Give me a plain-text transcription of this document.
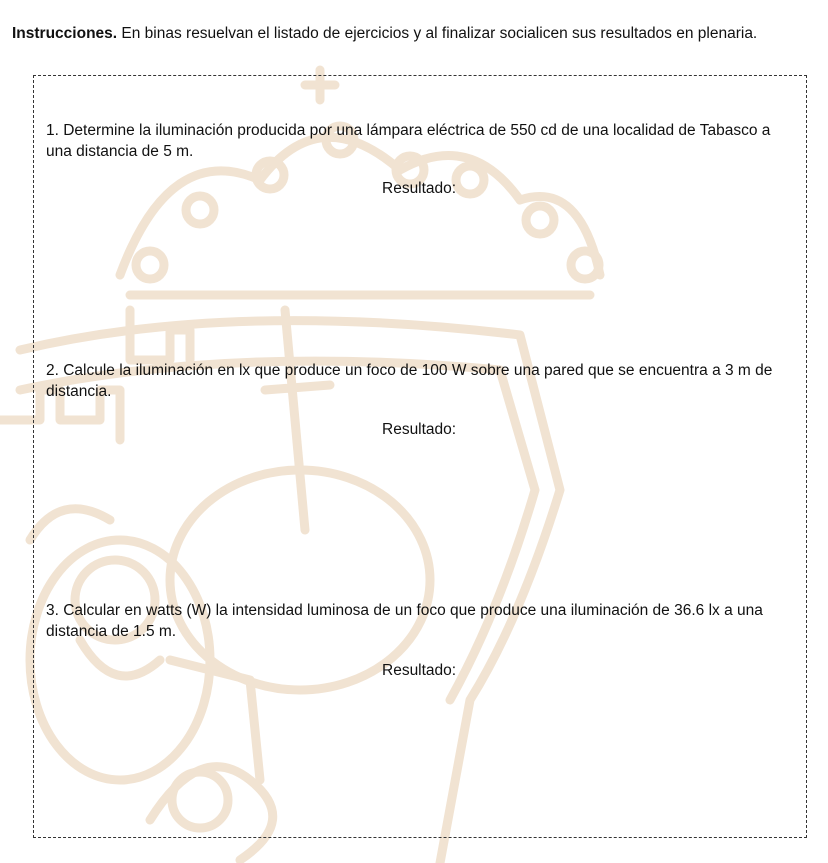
Instrucciones. En binas resuelvan el listado de ejercicios y al finalizar socialicen sus resultados en plenaria.
1. Determine la iluminación producida por una lámpara eléctrica de 550 cd de una localidad de Tabasco a una distancia de 5 m.
Resultado:
2. Calcule la iluminación en lx que produce un foco de 100 W sobre una pared que se encuentra a 3 m de distancia.
Resultado:
3. Calcular en watts (W) la intensidad luminosa de un foco que produce una iluminación de 36.6 lx a una distancia de 1.5 m.
Resultado:
